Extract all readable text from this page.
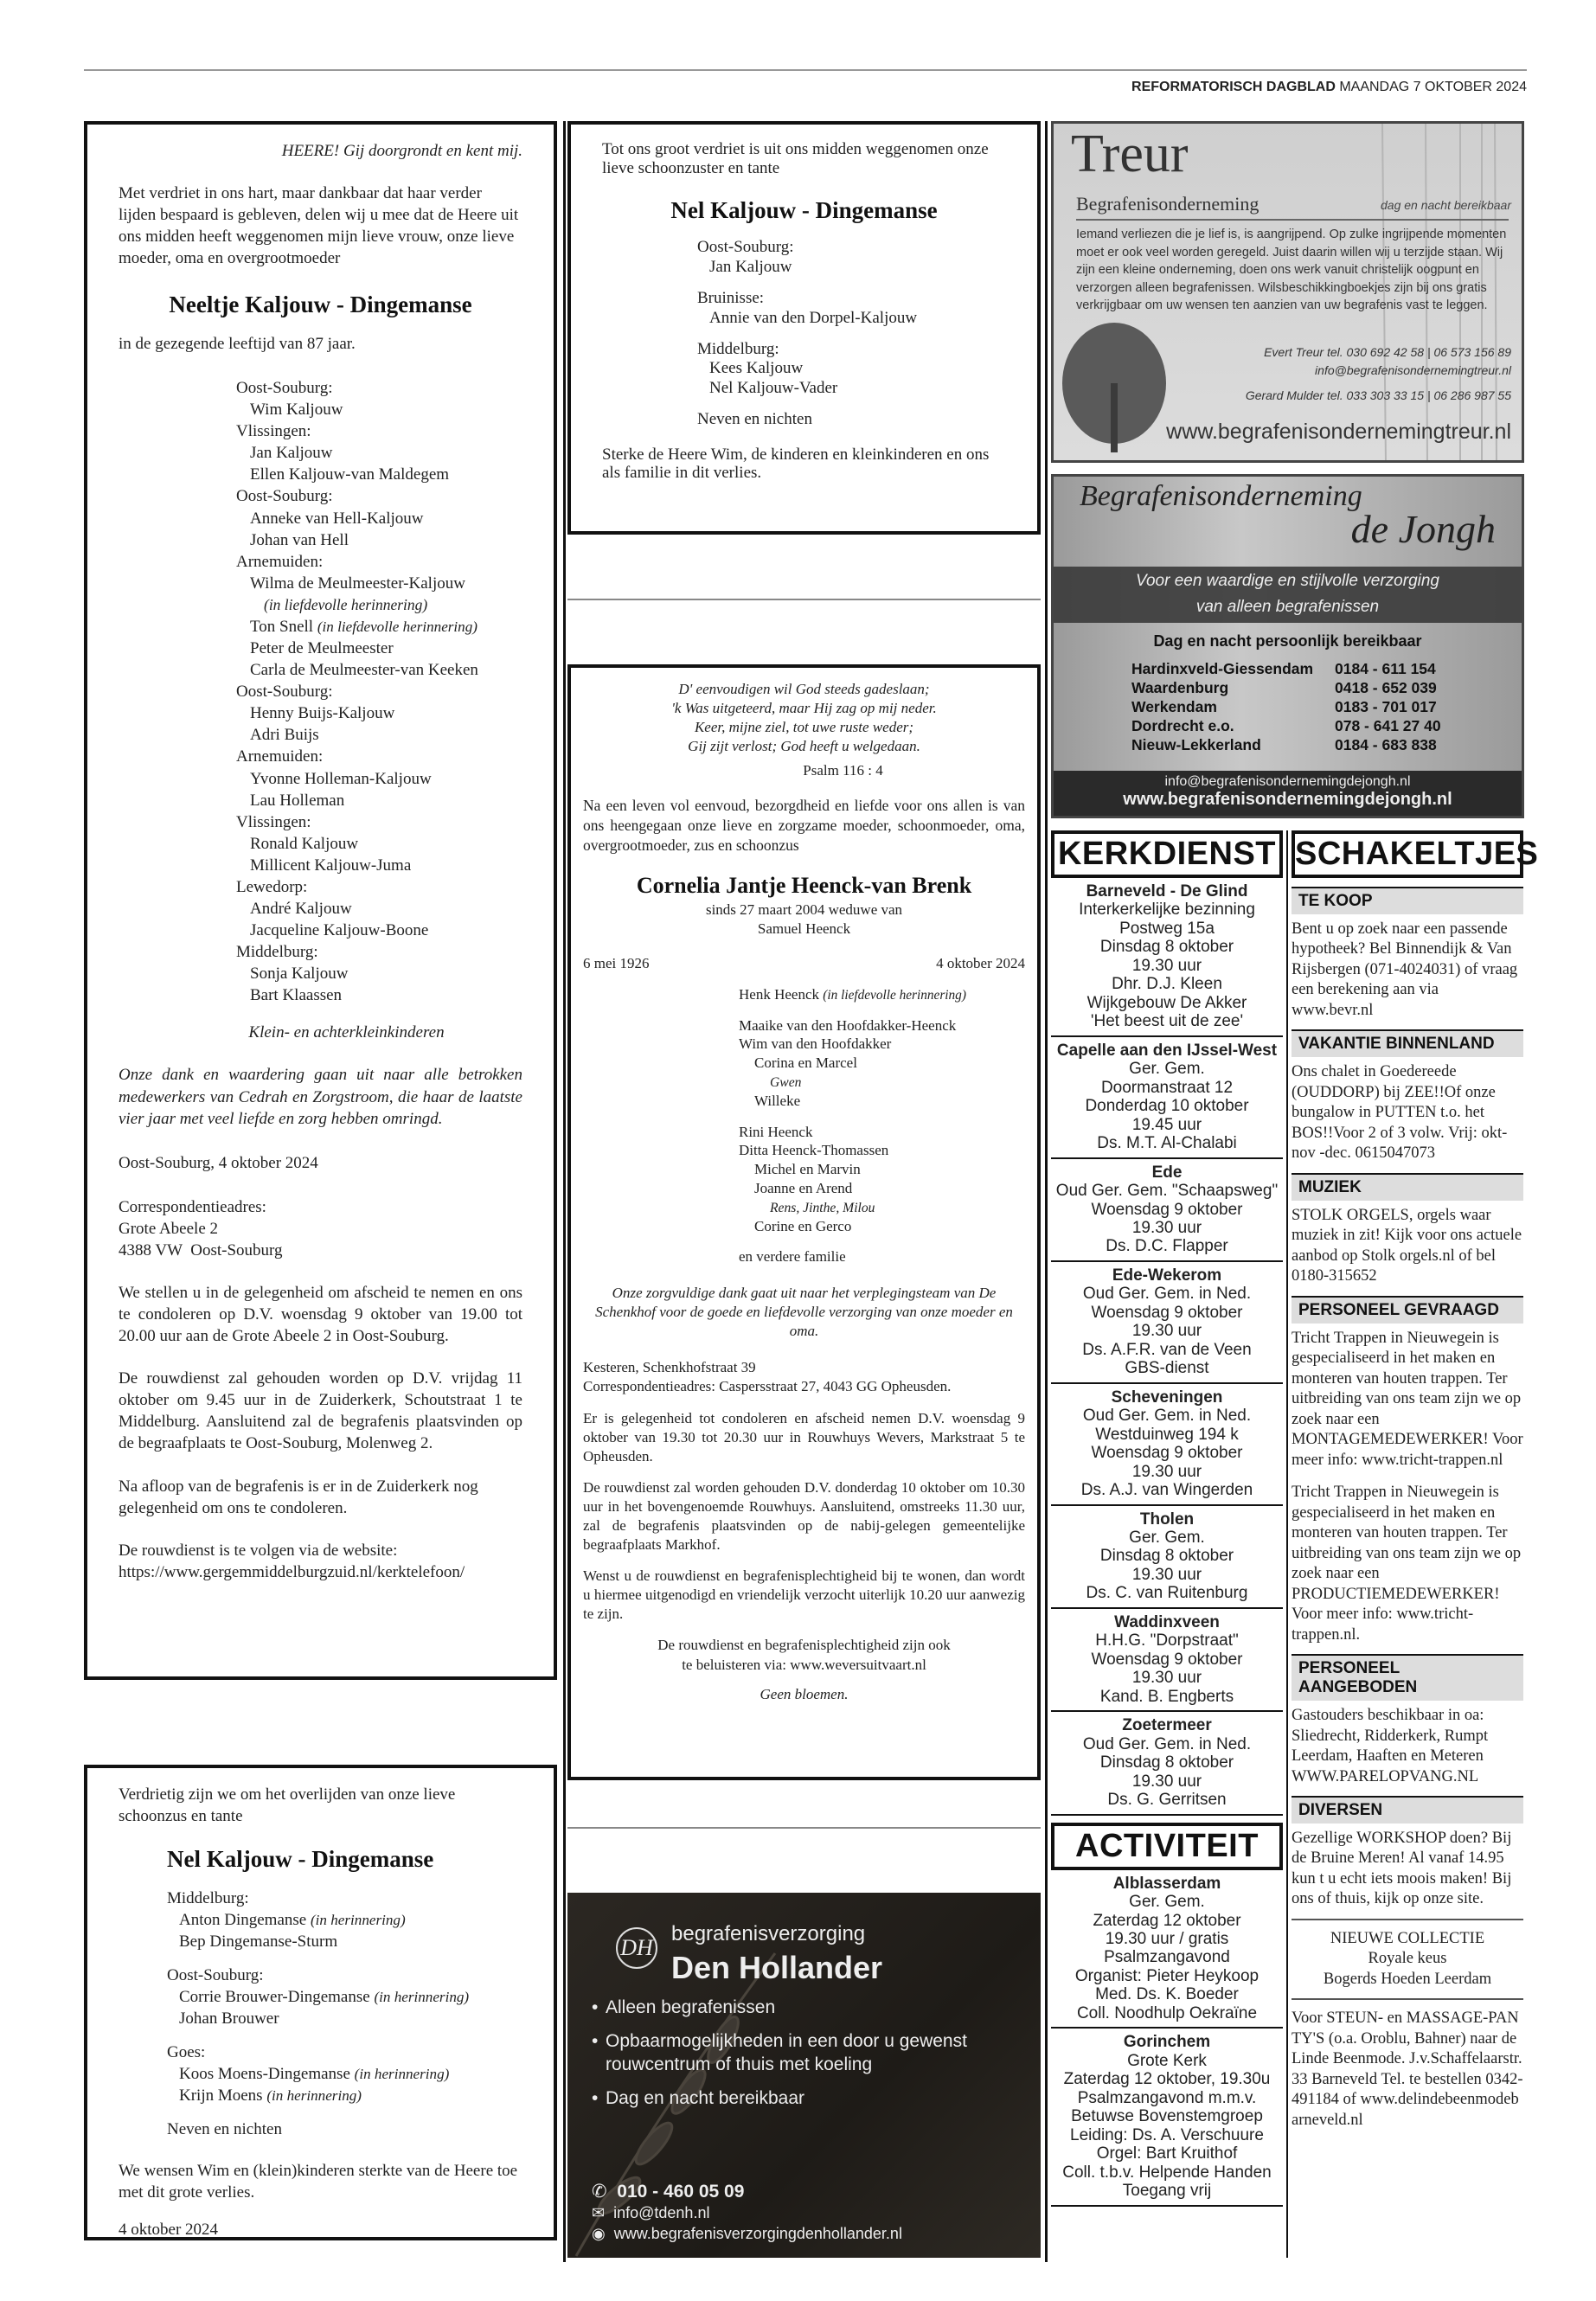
REFORMATORISCH DAGBLAD MAANDAG 7 OKTOBER 2024
HEERE! Gij doorgrondt en kent mij.
Met verdriet in ons hart, maar dankbaar dat haar verder lijden bespaard is gebleven, delen wij u mee dat de Heere uit ons midden heeft weggenomen mijn lieve vrouw, onze lieve moeder, oma en overgrootmoeder
Neeltje Kaljouw - Dingemanse
in de gezegende leeftijd van 87 jaar.
Oost-Souburg:
Wim Kaljouw
Vlissingen:
Jan Kaljouw
Ellen Kaljouw-van Maldegem
Oost-Souburg:
Anneke van Hell-Kaljouw
Johan van Hell
Arnemuiden:
Wilma de Meulmeester-Kaljouw
(in liefdevolle herinnering)
Ton Snell (in liefdevolle herinnering)
Peter de Meulmeester
Carla de Meulmeester-van Keeken
Oost-Souburg:
Henny Buijs-Kaljouw
Adri Buijs
Arnemuiden:
Yvonne Holleman-Kaljouw
Lau Holleman
Vlissingen:
Ronald Kaljouw
Millicent Kaljouw-Juma
Lewedorp:
André Kaljouw
Jacqueline Kaljouw-Boone
Middelburg:
Sonja Kaljouw
Bart Klaassen
Klein- en achterkleinkinderen
Onze dank en waardering gaan uit naar alle betrokken medewerkers van Cedrah en Zorgstroom, die haar de laatste vier jaar met veel liefde en zorg hebben omringd.
Oost-Souburg, 4 oktober 2024
Correspondentieadres:
Grote Abeele 2
4388 VW  Oost-Souburg
We stellen u in de gelegenheid om afscheid te nemen en ons te condoleren op D.V. woensdag 9 oktober van 19.00 tot 20.00 uur aan de Grote Abeele 2 in Oost-Souburg.
De rouwdienst zal gehouden worden op D.V. vrijdag 11 oktober om 9.45 uur in de Zuiderkerk, Schoutstraat 1 te Middelburg. Aansluitend zal de begrafenis plaatsvinden op de begraafplaats te Oost-Souburg, Molenweg 2.
Na afloop van de begrafenis is er in de Zuiderkerk nog gelegenheid om ons te condoleren.
De rouwdienst is te volgen via de website: https://www.gergemmiddelburgzuid.nl/kerktelefoon/
Verdrietig zijn we om het overlijden van onze lieve schoonzus en tante
Nel Kaljouw - Dingemanse
Middelburg:
Anton Dingemanse (in herinnering)
Bep Dingemanse-Sturm
Oost-Souburg:
Corrie Brouwer-Dingemanse (in herinnering)
Johan Brouwer
Goes:
Koos Moens-Dingemanse (in herinnering)
Krijn Moens (in herinnering)
Neven en nichten
We wensen Wim en (klein)kinderen sterkte van de Heere toe met dit grote verlies.
4 oktober 2024
Tot ons groot verdriet is uit ons midden weggenomen onze lieve schoonzuster en tante
Nel Kaljouw - Dingemanse
Oost-Souburg:
Jan Kaljouw
Bruinisse:
Annie van den Dorpel-Kaljouw
Middelburg:
Kees Kaljouw
Nel Kaljouw-Vader
Neven en nichten
Sterke de Heere Wim, de kinderen en kleinkinderen en ons als familie in dit verlies.
D' eenvoudigen wil God steeds gadeslaan;
'k Was uitgeteerd, maar Hij zag op mij neder.
Keer, mijne ziel, tot uwe ruste weder;
Gij zijt verlost; God heeft u welgedaan.
Psalm 116 : 4
Na een leven vol eenvoud, bezorgdheid en liefde voor ons allen is van ons heengegaan onze lieve en zorgzame moeder, schoonmoeder, oma, overgrootmoeder, zus en schoonzus
Cornelia Jantje Heenck-van Brenk
sinds 27 maart 2004 weduwe van
Samuel Heenck
6 mei 1926	4 oktober 2024
Henk Heenck (in liefdevolle herinnering)
Maaike van den Hoofdakker-Heenck
Wim van den Hoofdakker
Corina en Marcel
Gwen
Willeke
Rini Heenck
Ditta Heenck-Thomassen
Michel en Marvin
Joanne en Arend
Rens, Jinthe, Milou
Corine en Gerco
en verdere familie
Onze zorgvuldige dank gaat uit naar het verplegingsteam van De Schenkhof voor de goede en liefdevolle verzorging van onze moeder en oma.
Kesteren, Schenkhofstraat 39
Correspondentieadres: Caspersstraat 27, 4043 GG Opheusden.
Er is gelegenheid tot condoleren en afscheid nemen D.V. woensdag 9 oktober van 19.30 tot 20.30 uur in Rouwhuys Wevers, Markstraat 5 te Opheusden.
De rouwdienst zal worden gehouden D.V. donderdag 10 oktober om 10.30 uur in het bovengenoemde Rouwhuys. Aansluitend, omstreeks 11.30 uur, zal de begrafenis plaatsvinden op de nabij-gelegen gemeentelijke begraafplaats Markhof.
Wenst u de rouwdienst en begrafenisplechtigheid bij te wonen, dan wordt u hiermee uitgenodigd en vriendelijk verzocht uiterlijk 10.20 uur aanwezig te zijn.
De rouwdienst en begrafenisplechtigheid zijn ook
te beluisteren via: www.weversuitvaart.nl
Geen bloemen.
DH
begrafenisverzorging
Den Hollander
• Alleen begrafenissen
• Opbaarmogelijkheden in een door u gewenst rouwcentrum of thuis met koeling
• Dag en nacht bereikbaar
✆ 010 - 460 05 09
✉ info@tdenh.nl
◉ www.begrafenisverzorgingdenhollander.nl
Treur
Begrafenisonderneming	dag en nacht bereikbaar
Iemand verliezen die je lief is, is aangrijpend. Op zulke ingrijpende momenten moet er ook veel worden geregeld. Juist daarin willen wij u terzijde staan. Wij zijn een kleine onderneming, doen ons werk vanuit christelijk oogpunt en verzorgen alleen begrafenissen. Wilsbeschikkingboekjes zijn bij ons gratis verkrijgbaar om uw wensen ten aanzien van uw begrafenis vast te leggen.
Evert Treur tel. 030 692 42 58 | 06 573 156 89
info@begrafenisondernemingtreur.nl
Gerard Mulder tel. 033 303 33 15 | 06 286 987 55
www.begrafenisondernemingtreur.nl
Begrafenisonderneming
de Jongh
Voor een waardige en stijlvolle verzorging
van alleen begrafenissen
Dag en nacht persoonlijk bereikbaar
Hardinxveld-Giessendam	0184 - 611 154
Waardenburg	0418 - 652 039
Werkendam	0183 - 701 017
Dordrecht e.o.	078 - 641 27 40
Nieuw-Lekkerland	0184 - 683 838
info@begrafenisondernemingdejongh.nl
www.begrafenisondernemingdejongh.nl
KERKDIENST
Barneveld - De Glind
Interkerkelijke bezinning
Postweg 15a
Dinsdag 8 oktober
19.30 uur
Dhr. D.J. Kleen
Wijkgebouw De Akker
'Het beest uit de zee'
Capelle aan den IJssel-West
Ger. Gem.
Doormanstraat 12
Donderdag 10 oktober
19.45 uur
Ds. M.T. Al-Chalabi
Ede
Oud Ger. Gem. "Schaapsweg"
Woensdag 9 oktober
19.30 uur
Ds. D.C. Flapper
Ede-Wekerom
Oud Ger. Gem. in Ned.
Woensdag 9 oktober
19.30 uur
Ds. A.F.R. van de Veen
GBS-dienst
Scheveningen
Oud Ger. Gem. in Ned.
Westduinweg 194 k
Woensdag 9 oktober
19.30 uur
Ds. A.J. van Wingerden
Tholen
Ger. Gem.
Dinsdag 8 oktober
19.30 uur
Ds. C. van Ruitenburg
Waddinxveen
H.H.G. "Dorpstraat"
Woensdag 9 oktober
19.30 uur
Kand. B. Engberts
Zoetermeer
Oud Ger. Gem. in Ned.
Dinsdag 8 oktober
19.30 uur
Ds. G. Gerritsen
ACTIVITEIT
Alblasserdam
Ger. Gem.
Zaterdag 12 oktober
19.30 uur / gratis
Psalmzangavond
Organist: Pieter Heykoop
Med. Ds. K. Boeder
Coll. Noodhulp Oekraïne
Gorinchem
Grote Kerk
Zaterdag 12 oktober, 19.30u
Psalmzangavond m.m.v.
Betuwse Bovenstemgroep
Leiding: Ds. A. Verschuure
Orgel: Bart Kruithof
Coll. t.b.v. Helpende Handen
Toegang vrij
SCHAKELTJES
TE KOOP
Bent u op zoek naar een passende hypotheek? Bel Binnendijk & Van Rijsbergen (071-4024031) of vraag een berekening aan via www.bevr.nl
VAKANTIE BINNENLAND
Ons chalet in Goedereede (OUDDORP) bij ZEE!!Of onze bungalow in PUTTEN t.o. het BOS!!Voor 2 of 3 volw. Vrij: okt-nov -dec. 0615047073
MUZIEK
STOLK ORGELS, orgels waar muziek in zit! Kijk voor ons actuele aanbod op Stolk orgels.nl of bel 0180-315652
PERSONEEL GEVRAAGD
Tricht Trappen in Nieuwegein is gespecialiseerd in het maken en monteren van houten trappen. Ter uitbreiding van ons team zijn we op zoek naar een MONTAGEMEDEWERKER! Voor meer info: www.tricht-trappen.nl
Tricht Trappen in Nieuwegein is gespecialiseerd in het maken en monteren van houten trappen. Ter uitbreiding van ons team zijn we op zoek naar een PRODUCTIEMEDEWERKER! Voor meer info: www.tricht-trappen.nl.
PERSONEEL AANGEBODEN
Gastouders beschikbaar in oa: Sliedrecht, Ridderkerk, Rumpt Leerdam, Haaften en Meteren WWW.PARELOPVANG.NL
DIVERSEN
Gezellige WORKSHOP doen? Bij de Bruine Meren! Al vanaf 14.95 kun t u echt iets moois maken! Bij ons of thuis, kijk op onze site.
NIEUWE COLLECTIE
Royale keus
Bogerds Hoeden Leerdam
Voor STEUN- en MASSAGE-PANTY'S (o.a. Oroblu, Bahner) naar de Linde Beenmode. J.v.Schaffelaarstr. 33 Barneveld Tel. te bestellen 0342-491184 of www.delindebeenmodebarneveld.nl
